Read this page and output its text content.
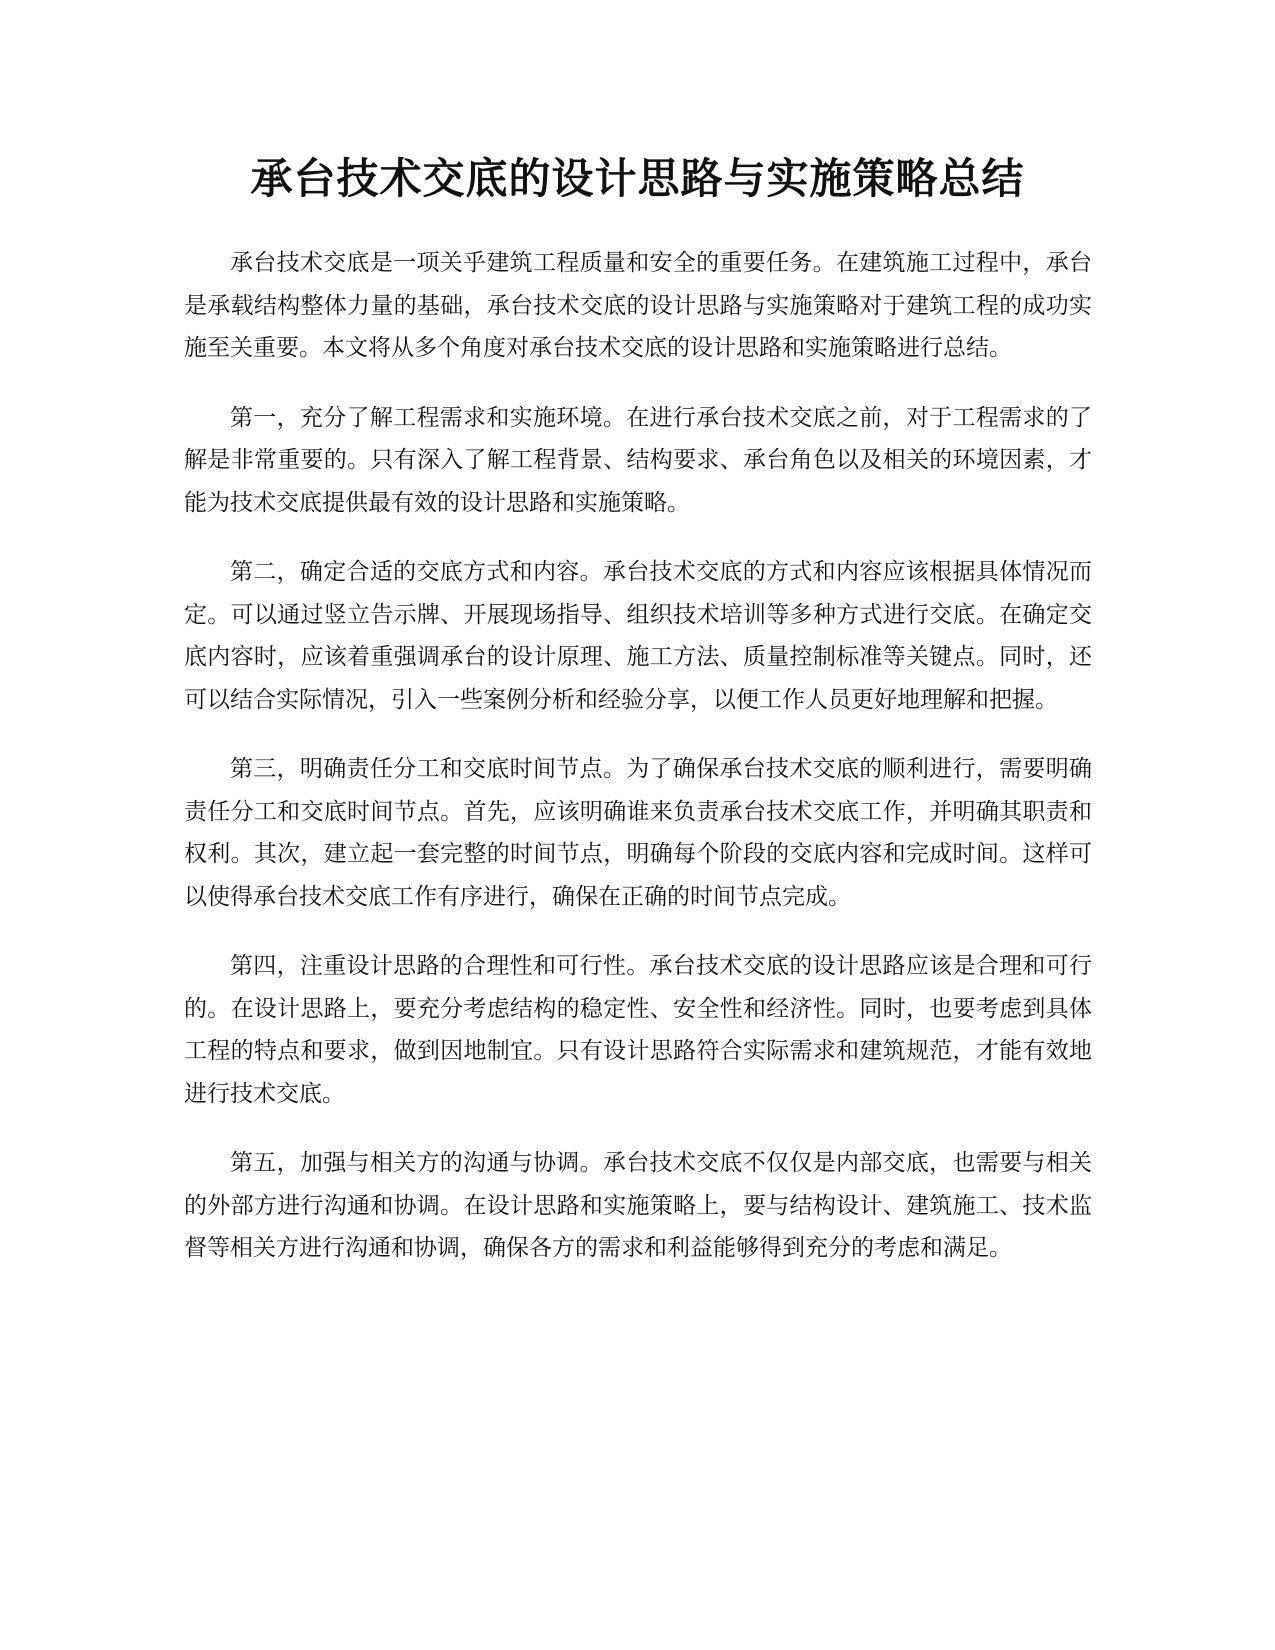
承台技术交底的设计思路与实施策略总结

承台技术交底是一项关乎建筑工程质量和安全的重要任务。在建筑施工过程中，承台是承载结构整体力量的基础，承台技术交底的设计思路与实施策略对于建筑工程的成功实施至关重要。本文将从多个角度对承台技术交底的设计思路和实施策略进行总结。

第一，充分了解工程需求和实施环境。在进行承台技术交底之前，对于工程需求的了解是非常重要的。只有深入了解工程背景、结构要求、承台角色以及相关的环境因素，才能为技术交底提供最有效的设计思路和实施策略。

第二，确定合适的交底方式和内容。承台技术交底的方式和内容应该根据具体情况而定。可以通过竖立告示牌、开展现场指导、组织技术培训等多种方式进行交底。在确定交底内容时，应该着重强调承台的设计原理、施工方法、质量控制标准等关键点。同时，还可以结合实际情况，引入一些案例分析和经验分享，以便工作人员更好地理解和把握。

第三，明确责任分工和交底时间节点。为了确保承台技术交底的顺利进行，需要明确责任分工和交底时间节点。首先，应该明确谁来负责承台技术交底工作，并明确其职责和权利。其次，建立起一套完整的时间节点，明确每个阶段的交底内容和完成时间。这样可以使得承台技术交底工作有序进行，确保在正确的时间节点完成。

第四，注重设计思路的合理性和可行性。承台技术交底的设计思路应该是合理和可行的。在设计思路上，要充分考虑结构的稳定性、安全性和经济性。同时，也要考虑到具体工程的特点和要求，做到因地制宜。只有设计思路符合实际需求和建筑规范，才能有效地进行技术交底。

第五，加强与相关方的沟通与协调。承台技术交底不仅仅是内部交底，也需要与相关的外部方进行沟通和协调。在设计思路和实施策略上，要与结构设计、建筑施工、技术监督等相关方进行沟通和协调，确保各方的需求和利益能够得到充分的考虑和满足。
